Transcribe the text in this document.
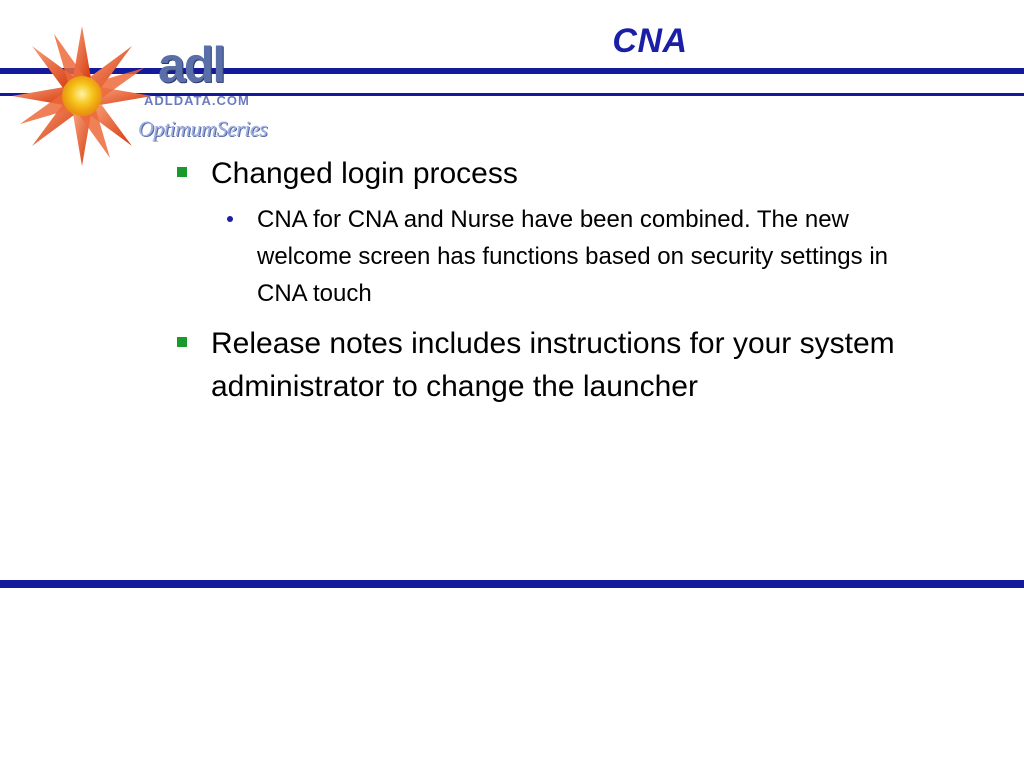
adl
ADLDATA.COM
OptimumSeries
CNA
Changed login process
CNA for CNA and Nurse have been combined. The new welcome screen has functions based on security settings in CNA touch
Release notes includes instructions for your system administrator to change the launcher
